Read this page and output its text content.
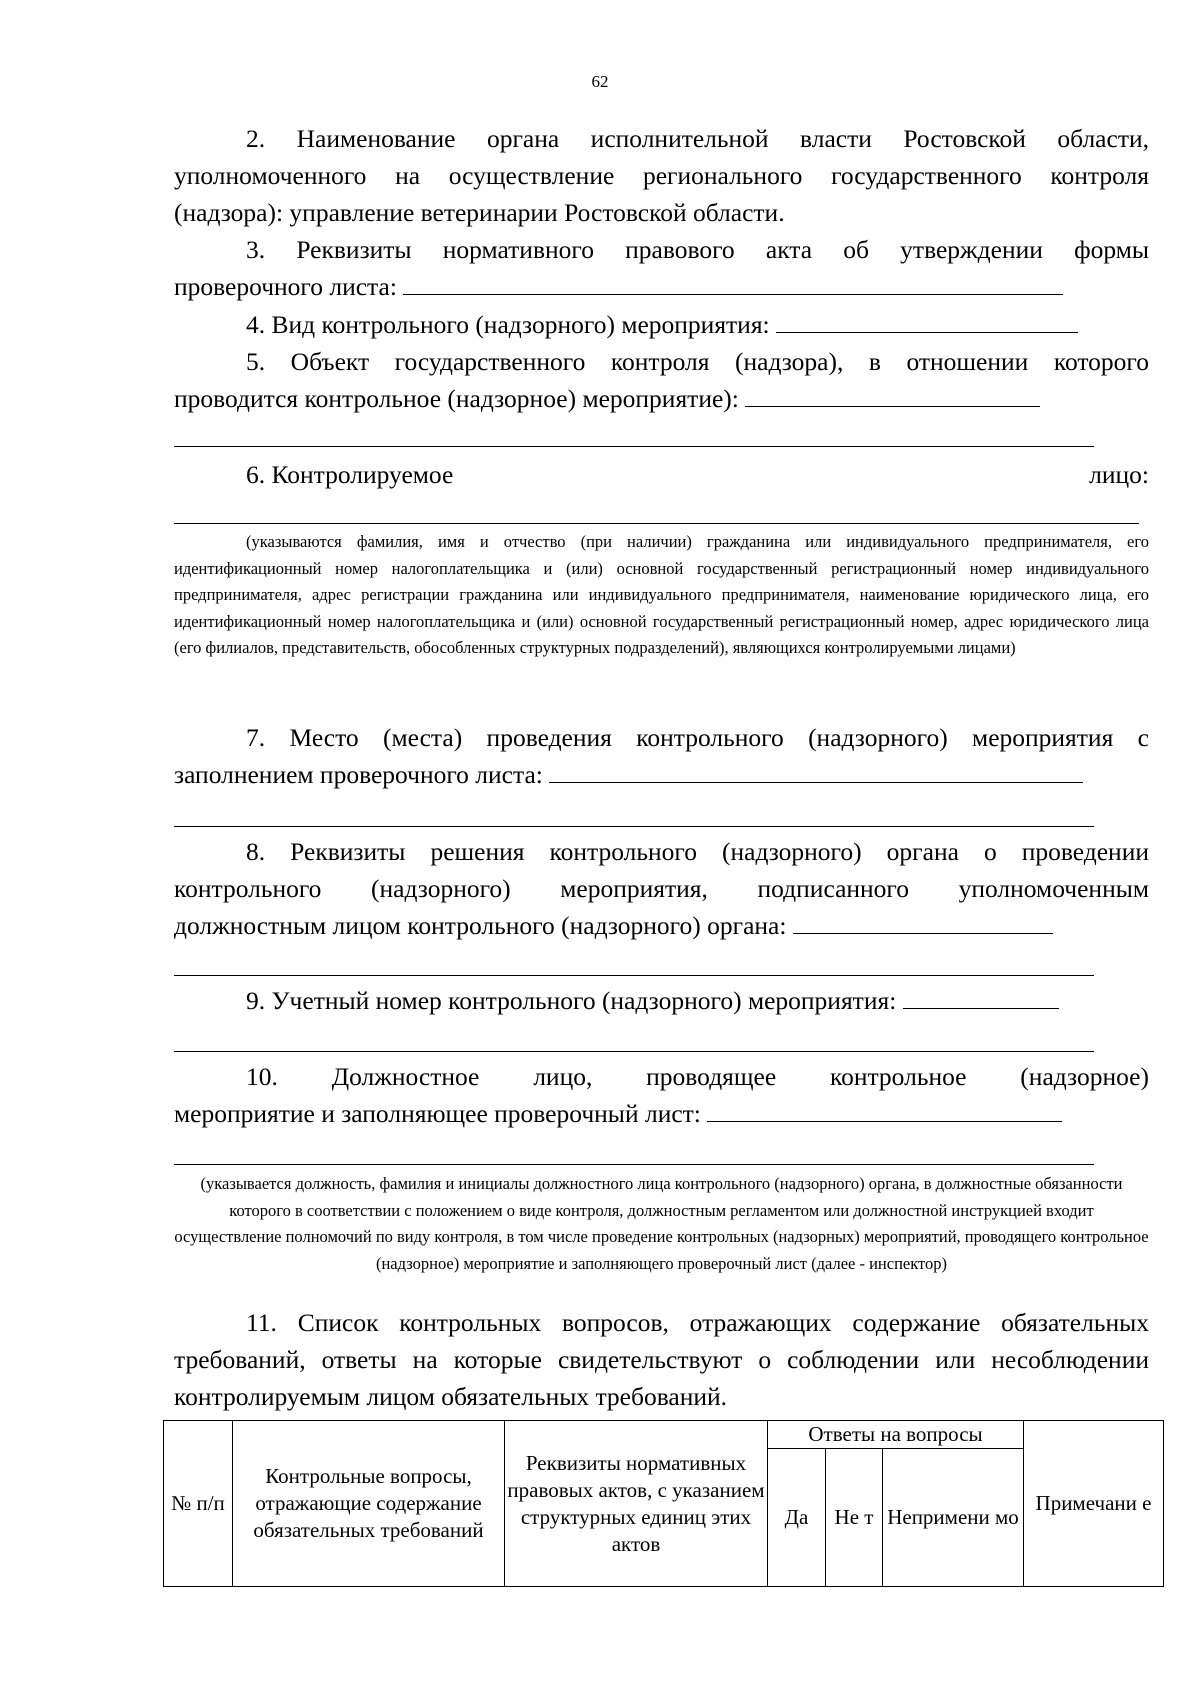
62

2. Наименование органа исполнительной власти Ростовской области, уполномоченного на осуществление регионального государственного контроля (надзора): управление ветеринарии Ростовской области.

3. Реквизиты нормативного правового акта об утверждении формы

проверочного листа:
4. Вид контрольного (надзорного) мероприятия:

5. Объект государственного контроля (надзора), в отношении которого

проводится контрольное (надзорное) мероприятие):
6. Контролируемое	лицо:

(указываются фамилия, имя и отчество (при наличии) гражданина или индивидуального предпринимателя, его идентификационный номер налогоплательщика и (или) основной государственный регистрационный номер индивидуального предпринимателя, адрес регистрации гражданина или индивидуального предпринимателя, наименование юридического лица, его идентификационный номер налогоплательщика и (или) основной государственный регистрационный номер, адрес юридического лица (его филиалов, представительств, обособленных структурных подразделений), являющихся контролируемыми лицами)

7. Место (места) проведения контрольного (надзорного) мероприятия с

заполнением проверочного листа:

8. Реквизиты решения контрольного (надзорного) органа о проведении контрольного (надзорного) мероприятия, подписанного уполномоченным

должностным лицом контрольного (надзорного) органа:
9. Учетный номер контрольного (надзорного) мероприятия:

10. Должностное лицо, проводящее контрольное (надзорное)

мероприятие и заполняющее проверочный лист:

(указывается должность, фамилия и инициалы должностного лица контрольного (надзорного) органа, в должностные обязанности которого в соответствии с положением о виде контроля, должностным регламентом или должностной инструкцией входит осуществление полномочий по виду контроля, в том числе проведение контрольных (надзорных) мероприятий, проводящего контрольное (надзорное) мероприятие и заполняющего проверочный лист (далее - инспектор)

11. Список контрольных вопросов, отражающих содержание обязательных требований, ответы на которые свидетельствуют о соблюдении или несоблюдении контролируемым лицом обязательных требований.

№ п/п	Контрольные вопросы, отражающие содержание обязательных требований	Реквизиты нормативных правовых актов, с указанием структурных единиц этих актов	Ответы на вопросы			Примечани е
			Да	Не т	Непримени мо	
